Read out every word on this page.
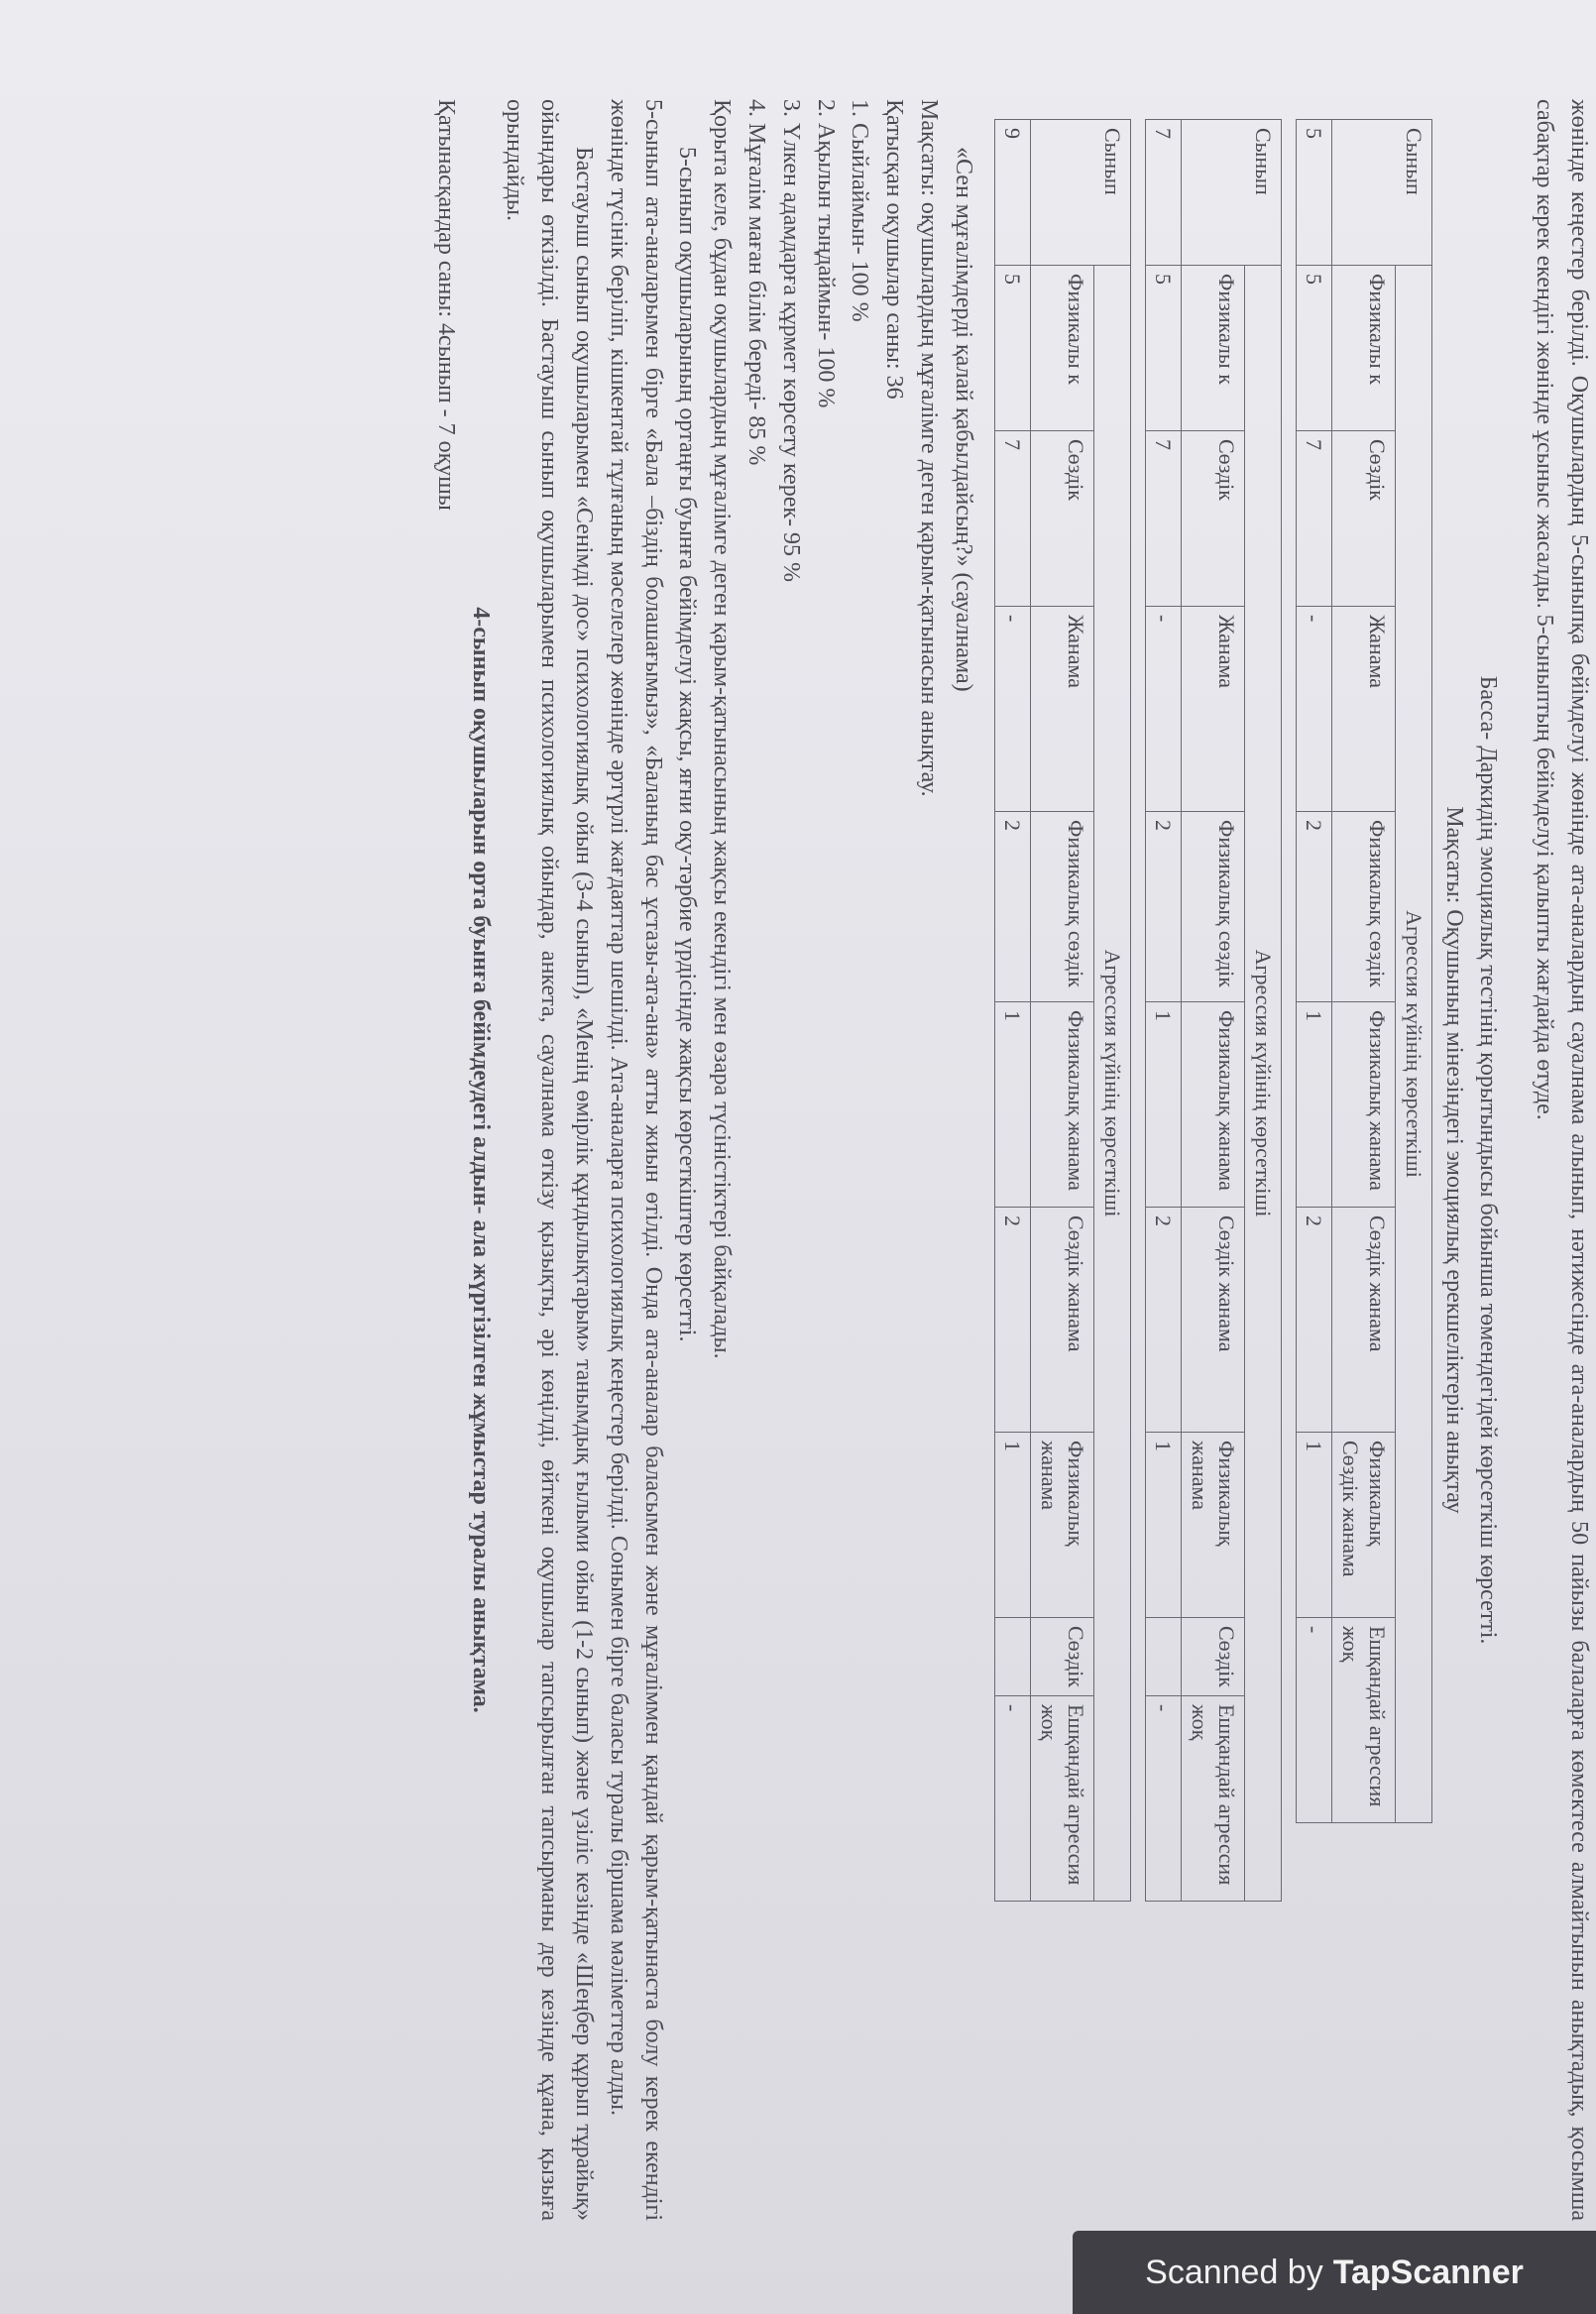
жөнінде кеңестер берілді. Оқушылардың 5-сыныпқа бейімделуі жөнінде ата-аналардың сауалнама алынып, нәтижесінде ата-аналардың 50 пайызы балаларға көмектесе алмайтынын анықтадық, қосымша сабақтар керек екендігі жөнінде ұсыныс жасалды. 5-сыныптың бейімделуі қалыпты жағдайда өтуде.

Басса- Даркидің эмоциялық тестінің қорытындысы бойынша төмендегідей көрсеткіш көрсетті.

Мақсаты: Оқушының мінезіндегі эмоциялық ерекшеліктерін анықтау

Сынып	Агрессия күйінің көрсеткіші							
	Физикалы к	Сөздік	Жанама	Физикалық сөздік	Физикалық жанама	Сөздік жанама	Физикалық Сөздік жанама	Ешқандай агрессия жоқ
5	5	7	-	2	1	2	1	-
Сынып	Агрессия күйінің көрсеткіші								
	Физикалы к	Сөздік	Жанама	Физикалық сөздік	Физикалық жанама	Сөздік жанама	Физикалық жанама	Сөздік	Ешқандай агрессия жоқ
7	5	7	-	2	1	2	1		-
Сынып	Агрессия күйінің көрсеткіші								
	Физикалы к	Сөздік	Жанама	Физикалық сөздік	Физикалық жанама	Сөздік жанама	Физикалық жанама	Сөздік	Ешқандай агрессия жоқ
9	5	7	-	2	1	2	1		-

«Сен мұғалімдерді қалай қабылдайсың?» (сауалнама)

Мақсаты: оқушылардың мұғалімге деген қарым-қатынасын анықтау.

Қатысқан оқушылар саны: 36

1. Сыйлаймын- 100 %
2. Ақылын тыңдаймын- 100 %
3. Үлкен адамдарға құрмет көрсету керек- 95 %
4. Мұғалім маған білім береді- 85 %

Қорыта келе, бұдан оқушылардың мұғалімге деген қарым-қатынасының жақсы екендігі мен өзара түсіністіктері байқалады.

5-сынып оқушыларының ортаңғы буынға бейімделуі жақсы, яғни оқу-тәрбие үрдісінде жақсы көрсеткіштер көрсетті.

5-сынып ата-аналарымен бірге «Бала –біздің болашағымыз», «Баланың бас ұстазы-ата-ана» атты жиын өтілді. Онда ата-аналар баласымен және мұғаліммен қандай қарым-қатынаста болу керек екендігі жөнінде түсінік беріліп, кішкентай тұлғаның мәселелер жөнінде әртүрлі жағдаяттар шешілді. Ата-аналарға психологиялық кеңестер берілді. Сонымен бірге баласы туралы біршама мәліметтер алды.

Бастауыш сынып оқушыларымен «Сенімді дос» психологиялық ойын (3-4 сынып), «Менің өмірлік құндылықтарым» танымдық ғылыми ойын (1-2 сынып) және үзіліс кезінде «Шеңбер құрып тұрайық» ойындары өткізілді. Бастауыш сынып оқушыларымен психологиялық ойындар, анкета, сауалнама өткізу қызықты, әрі көңілді, өйткені оқушылар тапсырылған тапсырманы дер кезінде құана, қызыға орындайды.

4-сынып оқушыларын орта буынға бейімдеудегі алдын- ала жүргізілген жұмыстар туралы анықтама.

Қатынасқандар саны: 4сынып - 7 оқушы

Scanned by TapScanner
